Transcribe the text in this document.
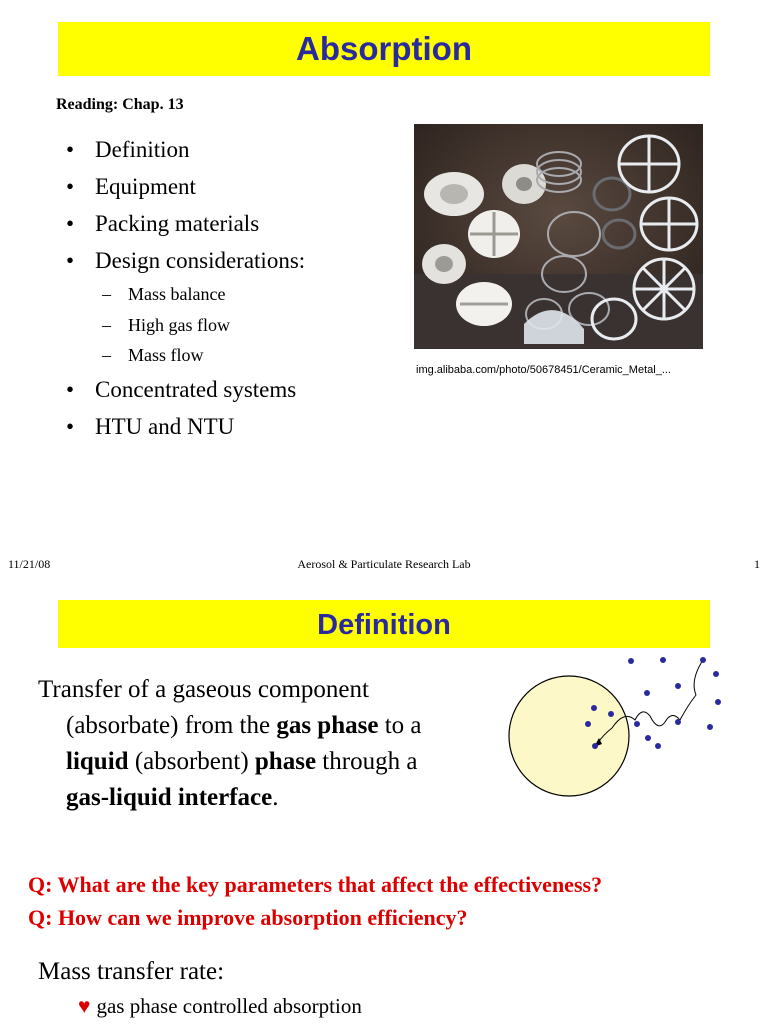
Absorption
Reading: Chap. 13
• Definition
• Equipment
• Packing materials
• Design considerations:
– Mass balance
– High gas flow
– Mass flow
• Concentrated systems
• HTU and NTU
img.alibaba.com/photo/50678451/Ceramic_Metal_...
11/21/08	Aerosol & Particulate Research Lab	1
Definition
Transfer of a gaseous component
(absorbate) from the gas phase to a
liquid (absorbent) phase through a
gas-liquid interface.
Q: What are the key parameters that affect the effectiveness?
Q: How can we improve absorption efficiency?
Mass transfer rate:
♥ gas phase controlled absorption
